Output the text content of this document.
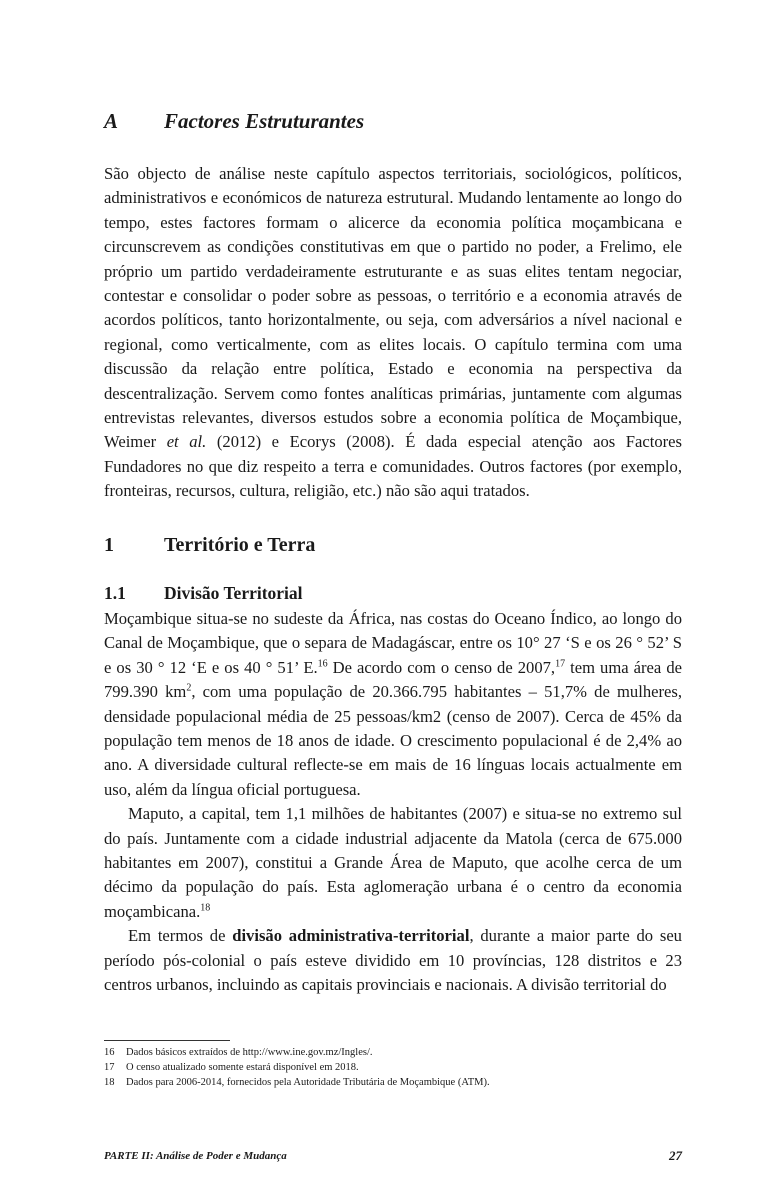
A Factores Estruturantes

São objecto de análise neste capítulo aspectos territoriais, sociológicos, políticos, administrativos e económicos de natureza estrutural. Mudando lentamente ao longo do tempo, estes factores formam o alicerce da economia política moçambicana e circunscrevem as condições constitutivas em que o partido no poder, a Frelimo, ele próprio um partido verdadeiramente estruturante e as suas elites tentam negociar, contestar e consolidar o poder sobre as pessoas, o território e a economia através de acordos políticos, tanto horizontalmente, ou seja, com adversários a nível nacional e regional, como verticalmente, com as elites locais. O capítulo termina com uma discussão da relação entre política, Estado e economia na perspectiva da descentralização. Servem como fontes analíticas primárias, juntamente com algumas entrevistas relevantes, diversos estudos sobre a economia política de Moçambique, Weimer et al. (2012) e Ecorys (2008). É dada especial atenção aos Factores Fundadores no que diz respeito a terra e comunidades. Outros factores (por exemplo, fronteiras, recursos, cultura, religião, etc.) não são aqui tratados.

1	Território e Terra
1.1 Divisão Territorial

Moçambique situa-se no sudeste da África, nas costas do Oceano Índico, ao longo do Canal de Moçambique, que o separa de Madagáscar, entre os 10° 27 ‘S e os 26 ° 52’ S e os 30 ° 12 ‘E e os 40 ° 51’ E.$^{16}$ De acordo com o censo de 2007,17 tem uma área de 799.390 $km^2$, com uma população de 20.366.795 habitantes – 51,7% de mulheres, densidade populacional média de 25 pessoas/km2 (censo de 2007). Cerca de 45% da população tem menos de 18 anos de idade. O crescimento populacional é de 2,4% ao ano. A diversidade cultural reflecte-se em mais de 16 línguas locais actualmente em uso, além da língua oficial portuguesa.

Maputo, a capital, tem 1,1 milhões de habitantes (2007) e situa-se no extremo sul do país. Juntamente com a cidade industrial adjacente da Matola (cerca de 675.000 habitantes em 2007), constitui a Grande Área de Maputo, que acolhe cerca de um décimo da população do país. Esta aglomeração urbana é o centro da economia moçambicana.$^{18}$

Em termos de divisão administrativa-territorial, durante a maior parte do seu período pós-colonial o país esteve dividido em 10 províncias, 128 distritos e 23 centros urbanos, incluindo as capitais provinciais e nacionais. A divisão territorial do

16	Dados básicos extraídos de http://www.ine.gov.mz/Ingles/.
17	O censo atualizado somente estará disponível em 2018.
18	Dados para 2006-2014, fornecidos pela Autoridade Tributária de Moçambique (ATM).
PARTE II: Análise de Poder e Mudança	27
